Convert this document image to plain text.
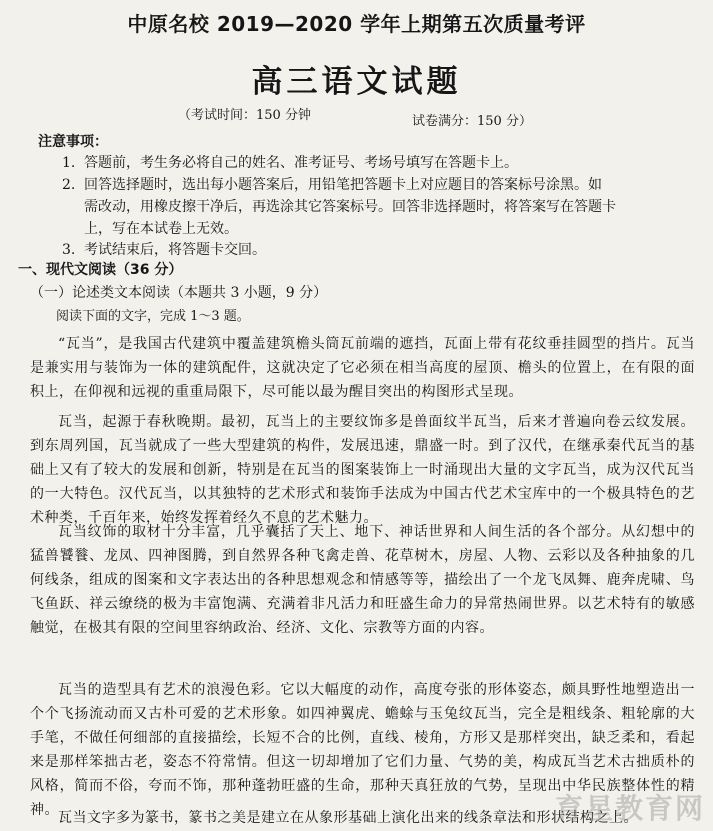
中原名校 2019—2020 学年上期第五次质量考评
高三语文试题
（考试时间：150 分钟	试卷满分：150 分）
注意事项：
1. 答题前，考生务必将自己的姓名、准考证号、考场号填写在答题卡上。
2. 回答选择题时，选出每小题答案后，用铅笔把答题卡上对应题目的答案标号涂黑。如
需改动，用橡皮擦干净后，再选涂其它答案标号。回答非选择题时，将答案写在答题卡
上，写在本试卷上无效。
3. 考试结束后，将答题卡交回。
一、现代文阅读（36 分）
（一）论述类文本阅读（本题共 3 小题，9 分）
阅读下面的文字，完成 1～3 题。

“瓦当”，是我国古代建筑中覆盖建筑檐头筒瓦前端的遮挡，瓦面上带有花纹垂挂圆型的挡片。瓦当是兼实用与装饰为一体的建筑配件，这就决定了它必须在相当高度的屋顶、檐头的位置上，在有限的面积上，在仰视和远视的重重局限下，尽可能以最为醒目突出的构图形式呈现。

瓦当，起源于春秋晚期。最初，瓦当上的主要纹饰多是兽面纹半瓦当，后来才普遍向卷云纹发展。到东周列国，瓦当就成了一些大型建筑的构件，发展迅速，鼎盛一时。到了汉代，在继承秦代瓦当的基础上又有了较大的发展和创新，特别是在瓦当的图案装饰上一时涌现出大量的文字瓦当，成为汉代瓦当的一大特色。汉代瓦当，以其独特的艺术形式和装饰手法成为中国古代艺术宝库中的一个极具特色的艺术种类，千百年来，始终发挥着经久不息的艺术魅力。

瓦当纹饰的取材十分丰富，几乎囊括了天上、地下、神话世界和人间生活的各个部分。从幻想中的猛兽饕餮、龙凤、四神图腾，到自然界各种飞禽走兽、花草树木，房屋、人物、云彩以及各种抽象的几何线条，组成的图案和文字表达出的各种思想观念和情感等等，描绘出了一个龙飞凤舞、鹿奔虎啸、鸟飞鱼跃、祥云缭绕的极为丰富饱满、充满着非凡活力和旺盛生命力的异常热闹世界。以艺术特有的敏感触觉，在极其有限的空间里容纳政治、经济、文化、宗教等方面的内容。

瓦当的造型具有艺术的浪漫色彩。它以大幅度的动作，高度夸张的形体姿态，颇具野性地塑造出一个个飞扬流动而又古朴可爱的艺术形象。如四神翼虎、蟾蜍与玉兔纹瓦当，完全是粗线条、粗轮廓的大手笔，不做任何细部的直接描绘，长短不合的比例，直线、棱角，方形又是那样突出，缺乏柔和，看起来是那样笨拙古老，姿态不符常情。但这一切却增加了它们力量、气势的美，构成瓦当艺术古拙质朴的风格，简而不俗，夸而不饰，那种蓬勃旺盛的生命，那种天真狂放的气势，呈现出中华民族整体性的精神。 瓦当文字多为篆书，篆书之美是建立在从象形基础上演化出来的线条章法和形状结构之上。

育星教育网
